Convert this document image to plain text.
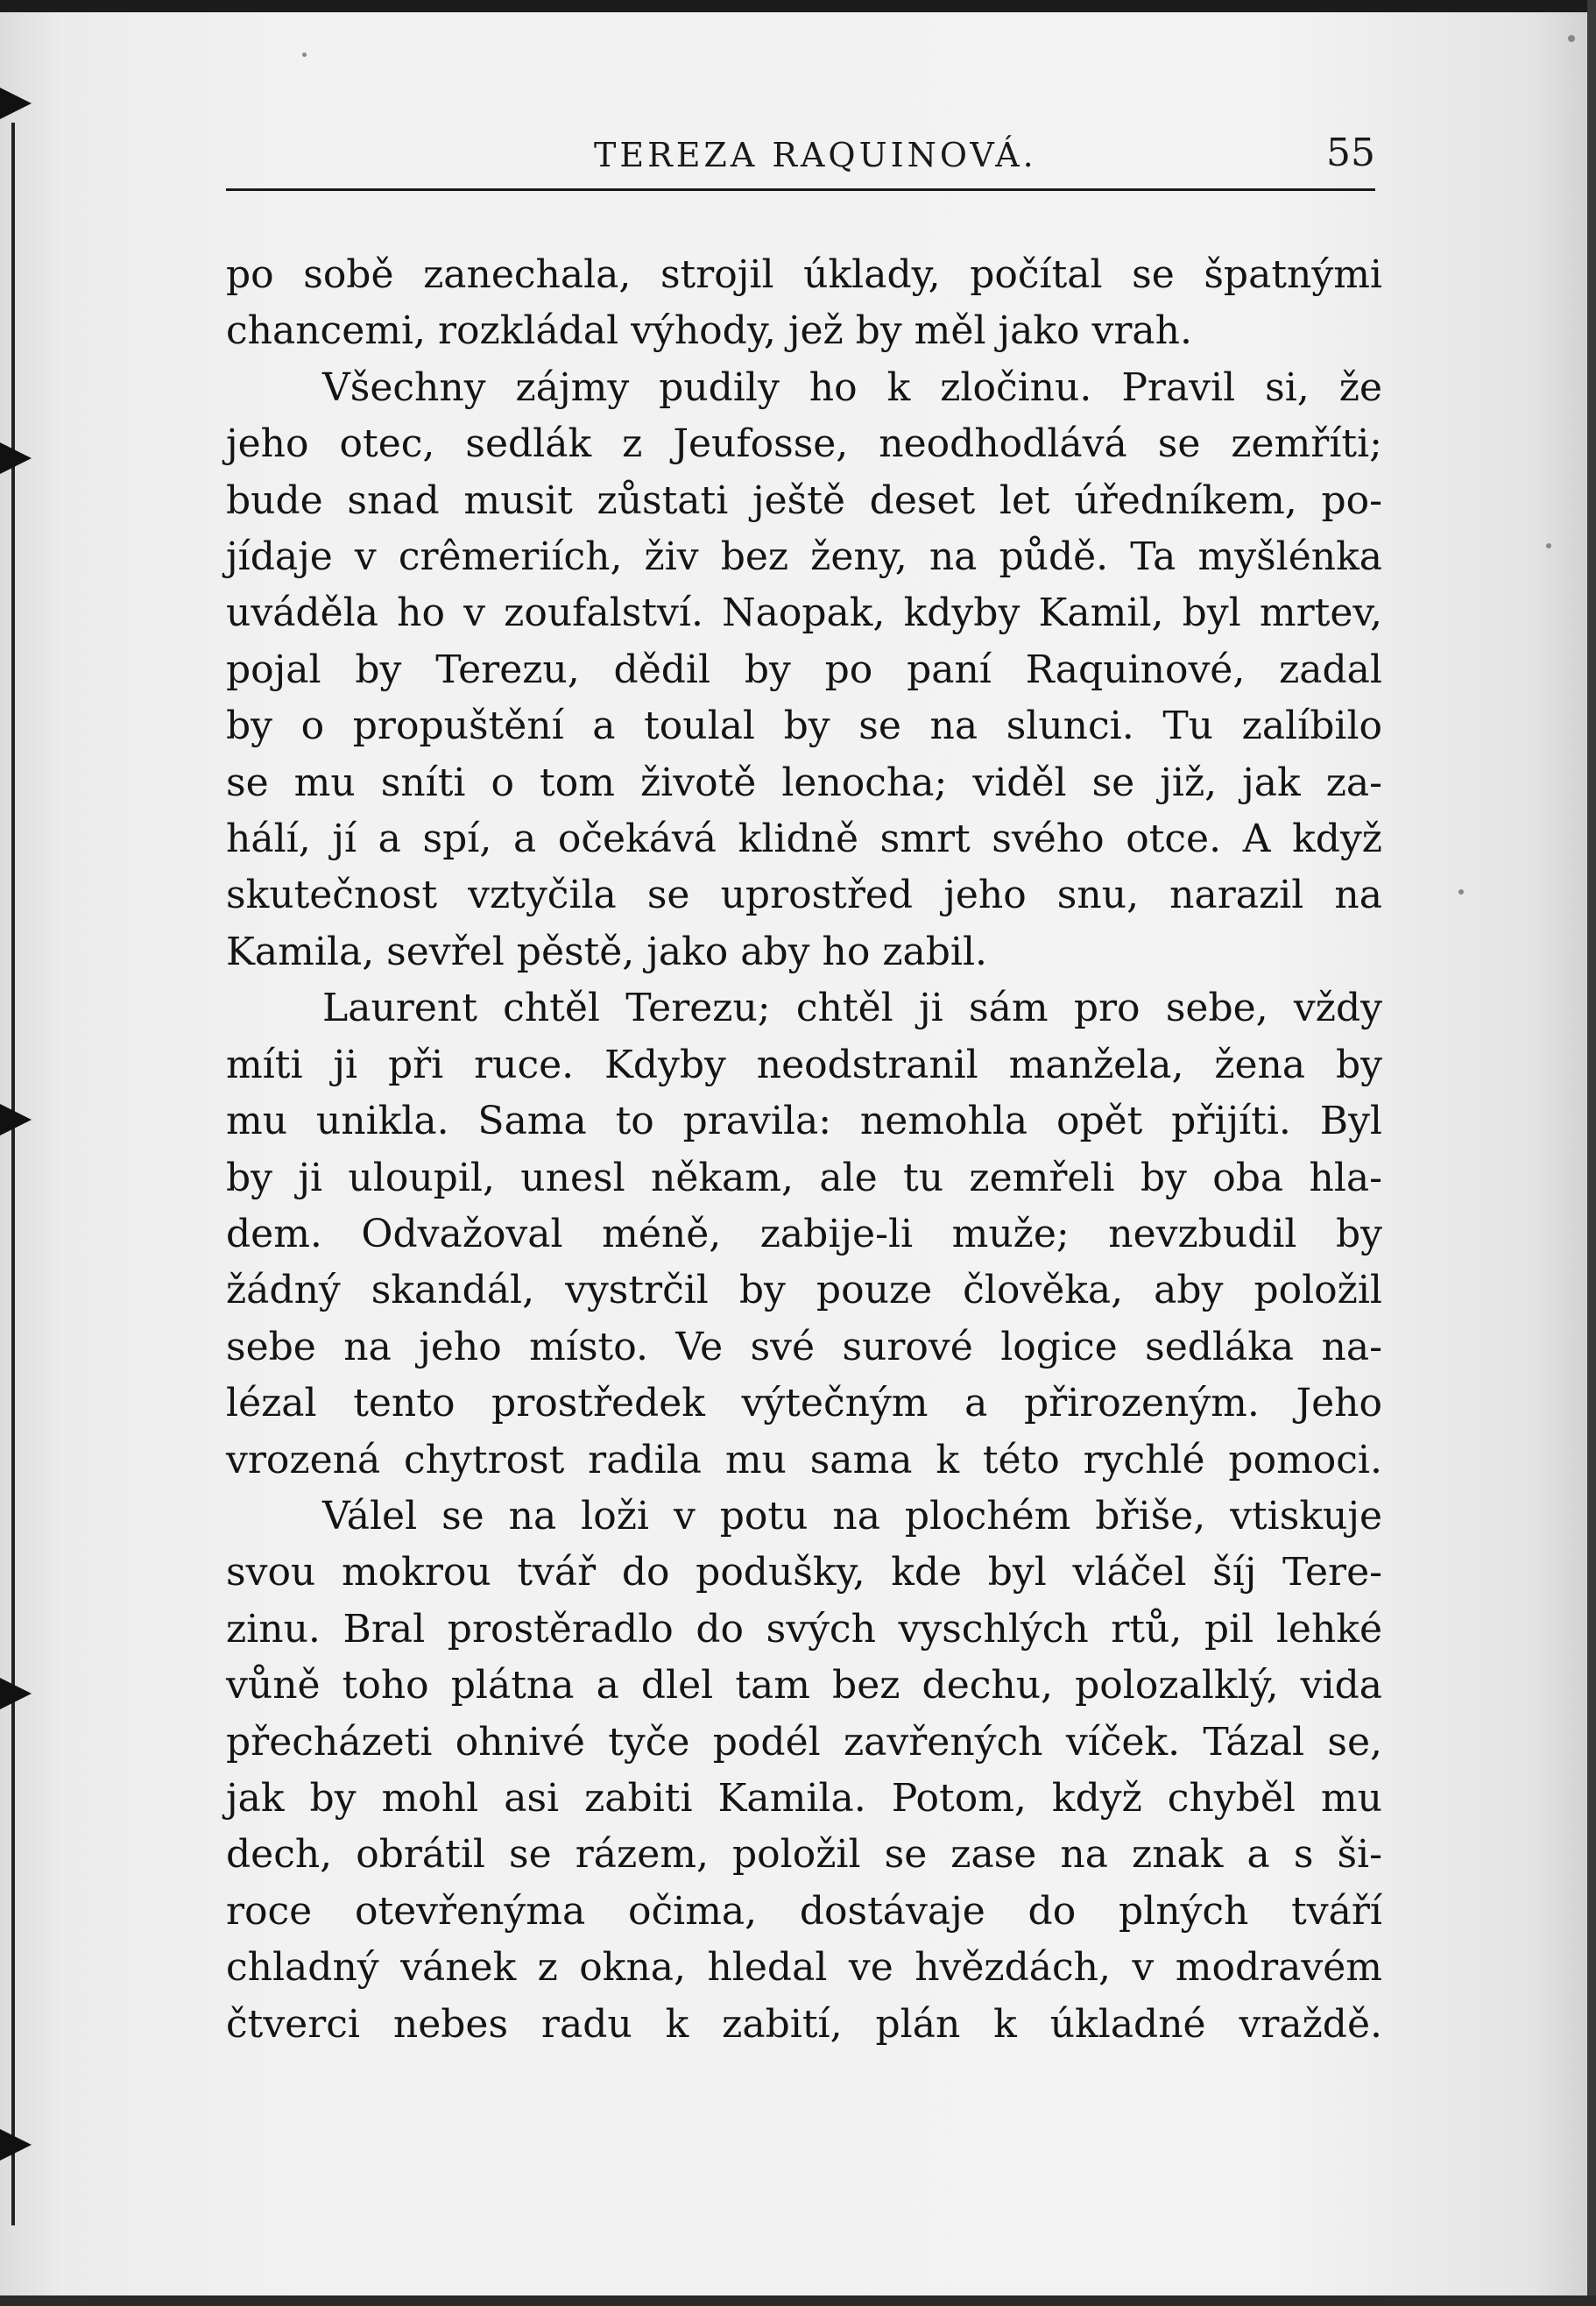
TEREZA RAQUINOVÁ.	55

po sobě zanechala, strojil úklady, počítal se špatnými

chancemi, rozkládal výhody, jež by měl jako vrah.

Všechny zájmy pudily ho k zločinu. Pravil si, že

jeho otec, sedlák z Jeufosse, neodhodlává se zemříti;

bude snad musit zůstati ještě deset let úředníkem, po-

jídaje v crêmeriích, živ bez ženy, na půdě. Ta myšlénka

uváděla ho v zoufalství. Naopak, kdyby Kamil, byl mrtev,

pojal by Terezu, dědil by po paní Raquinové, zadal

by o propuštění a toulal by se na slunci. Tu zalíbilo

se mu sníti o tom životě lenocha; viděl se již, jak za-

hálí, jí a spí, a očekává klidně smrt svého otce. A když

skutečnost vztyčila se uprostřed jeho snu, narazil na

Kamila, sevřel pěstě, jako aby ho zabil.

Laurent chtěl Terezu; chtěl ji sám pro sebe, vždy

míti ji při ruce. Kdyby neodstranil manžela, žena by

mu unikla. Sama to pravila: nemohla opět přijíti. Byl

by ji uloupil, unesl někam, ale tu zemřeli by oba hla-

dem. Odvažoval méně, zabije-li muže; nevzbudil by

žádný skandál, vystrčil by pouze člověka, aby položil

sebe na jeho místo. Ve své surové logice sedláka na-

lézal tento prostředek výtečným a přirozeným. Jeho

vrozená chytrost radila mu sama k této rychlé pomoci.

Válel se na loži v potu na plochém břiše, vtiskuje

svou mokrou tvář do podušky, kde byl vláčel šíj Tere-

zinu. Bral prostěradlo do svých vyschlých rtů, pil lehké

vůně toho plátna a dlel tam bez dechu, polozalklý, vida

přecházeti ohnivé tyče podél zavřených víček. Tázal se,

jak by mohl asi zabiti Kamila. Potom, když chyběl mu

dech, obrátil se rázem, položil se zase na znak a s ši-

roce otevřenýma očima, dostávaje do plných tváří

chladný vánek z okna, hledal ve hvězdách, v modravém

čtverci nebes radu k zabití, plán k úkladné vraždě.
